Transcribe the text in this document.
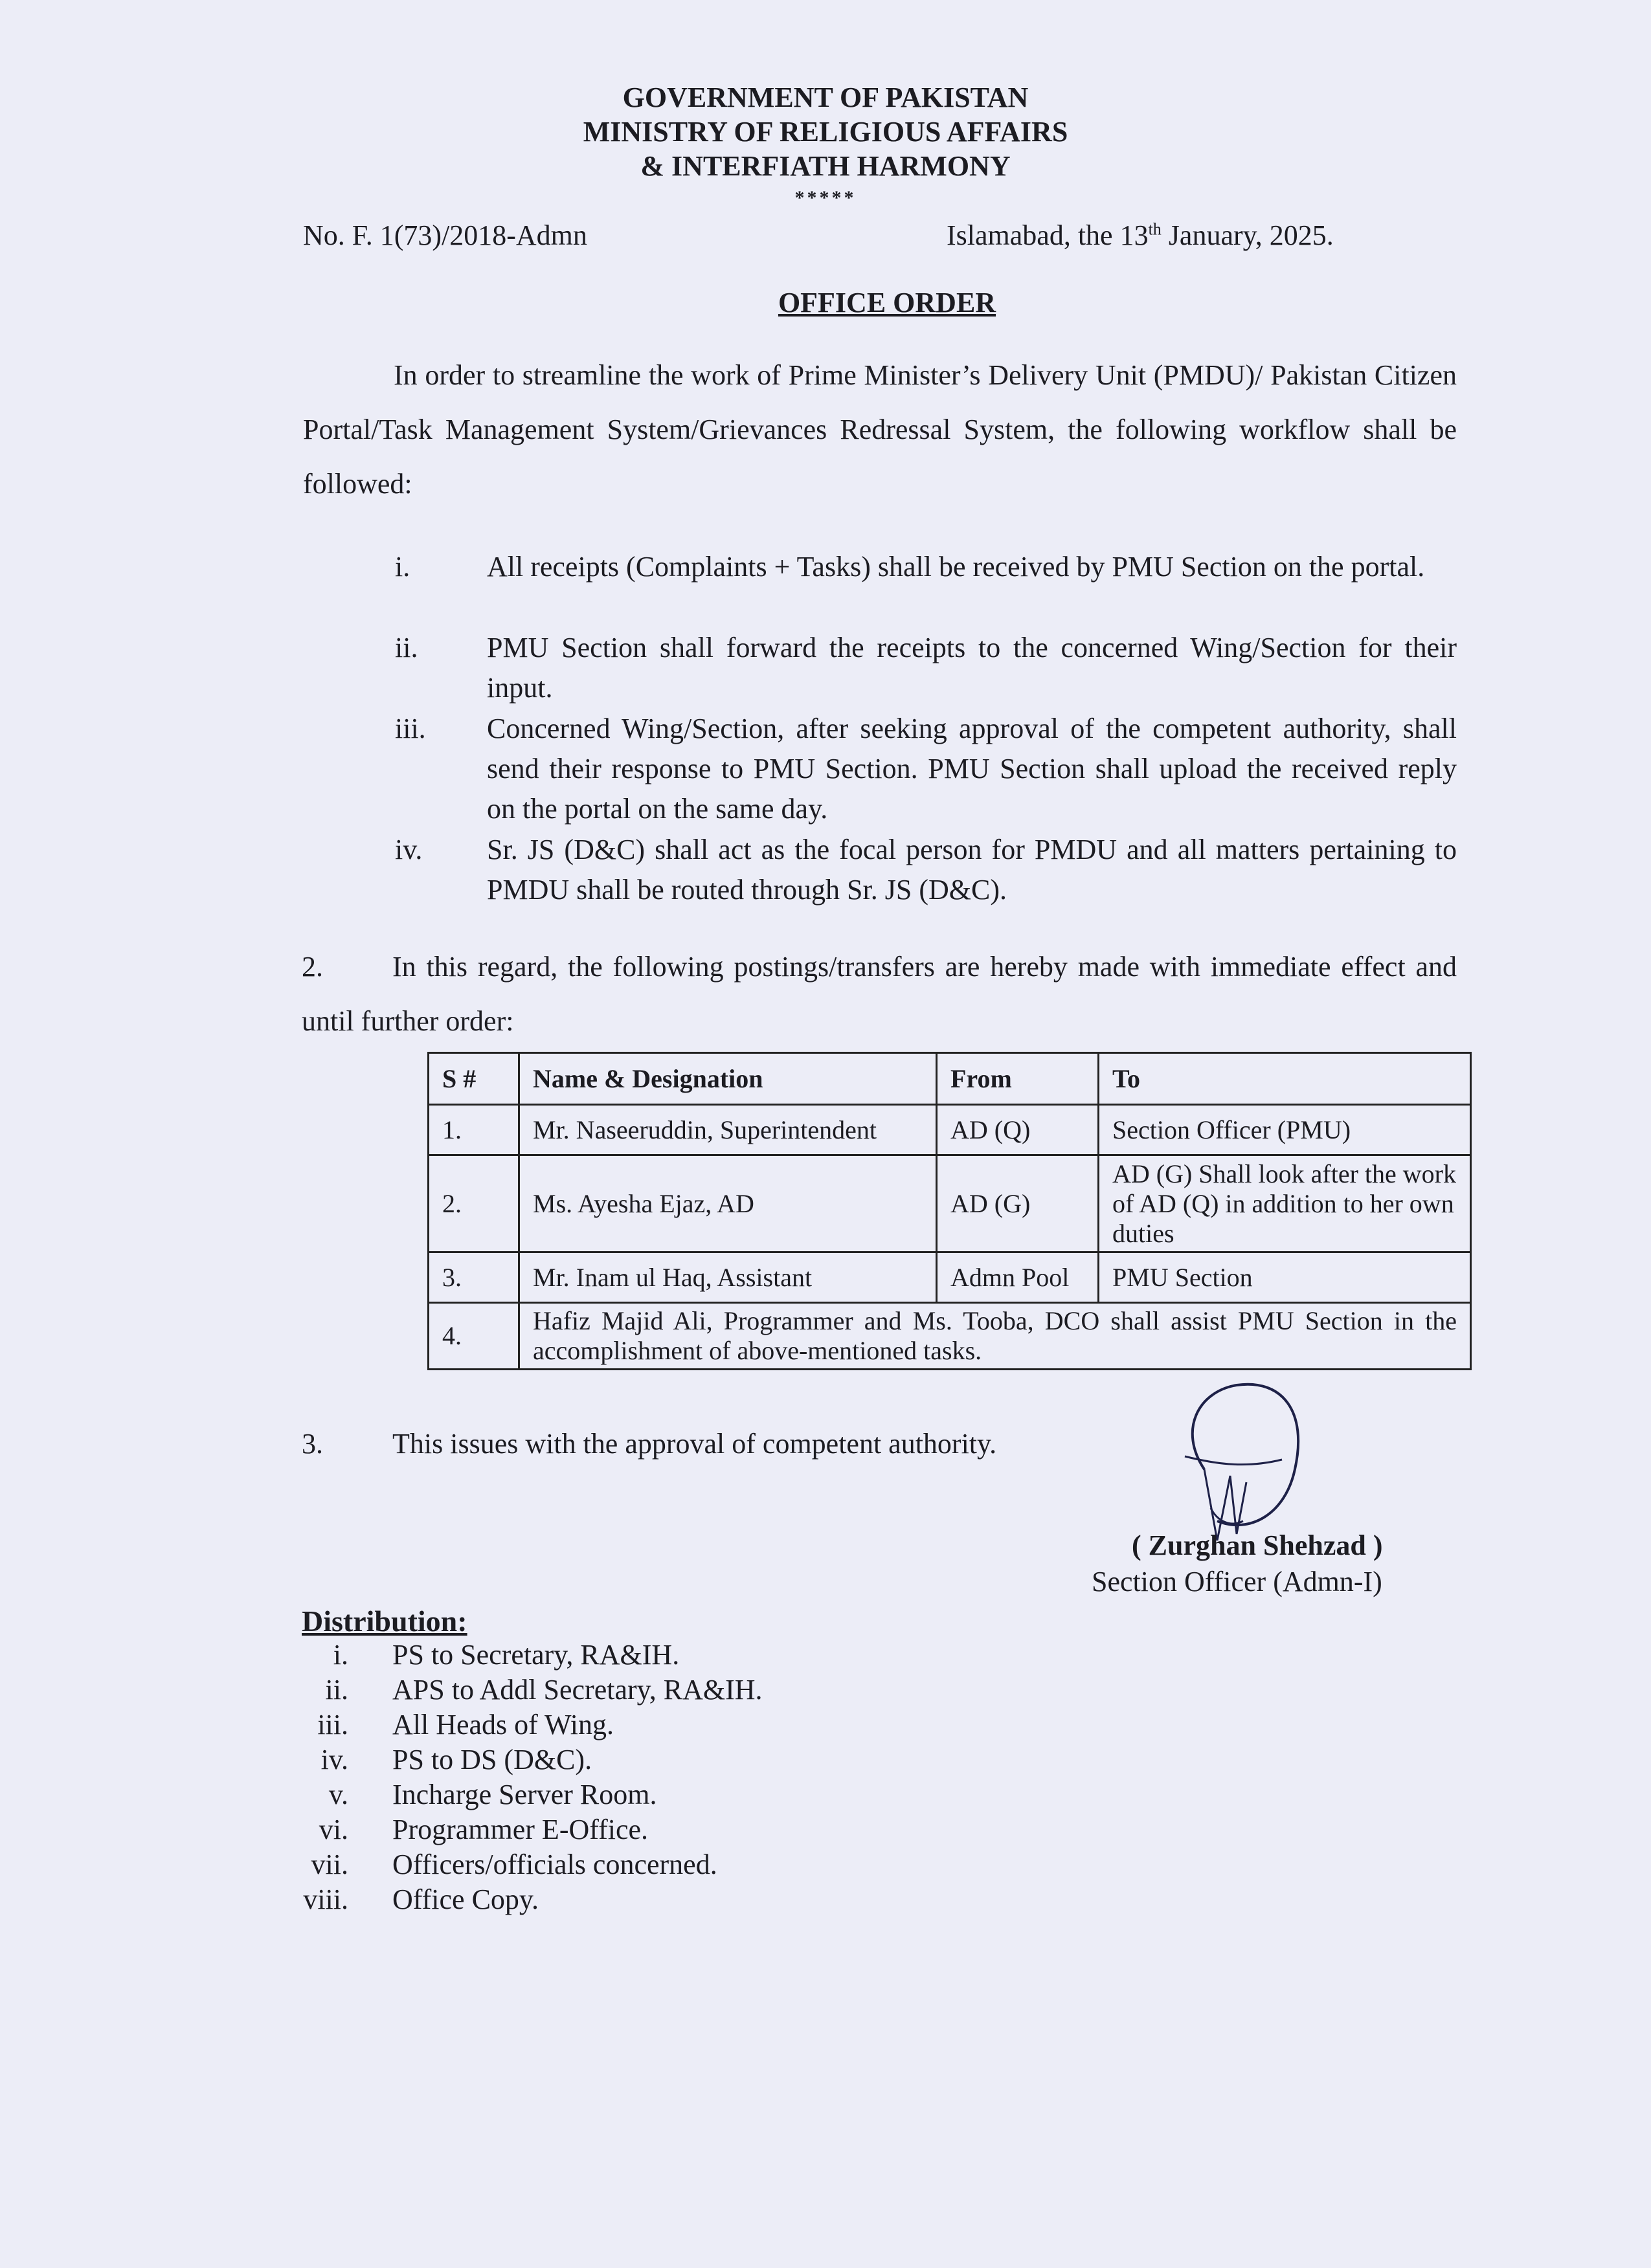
GOVERNMENT OF PAKISTAN
MINISTRY OF RELIGIOUS AFFAIRS
& INTERFIATH HARMONY
*****
No. F. 1(73)/2018-Admn	Islamabad, the 13th January, 2025.
OFFICE ORDER
In order to streamline the work of Prime Minister’s Delivery Unit (PMDU)/ Pakistan Citizen Portal/Task Management System/Grievances Redressal System, the following workflow shall be followed:
i.	All receipts (Complaints + Tasks) shall be received by PMU Section on the portal.
ii. PMU Section shall forward the receipts to the concerned Wing/Section for their input.
iii. Concerned Wing/Section, after seeking approval of the competent authority, shall send their response to PMU Section. PMU Section shall upload the received reply on the portal on the same day.
iv. Sr. JS (D&C) shall act as the focal person for PMDU and all matters pertaining to PMDU shall be routed through Sr. JS (D&C).
2.	In this regard, the following postings/transfers are hereby made with immediate effect and until further order:
S #	Name & Designation	From	To
1.	Mr. Naseeruddin, Superintendent	AD (Q)	Section Officer (PMU)
2.	Ms. Ayesha Ejaz, AD	AD (G)	AD (G) Shall look after the work of AD (Q) in addition to her own duties
3.	Mr. Inam ul Haq, Assistant	Admn Pool	PMU Section
4.	Hafiz Majid Ali, Programmer and Ms. Tooba, DCO shall assist PMU Section in the accomplishment of above-mentioned tasks.		
3. This issues with the approval of competent authority.
( Zurghan Shehzad )
Section Officer (Admn-I)
Distribution:
i. PS to Secretary, RA&IH.
ii. APS to Addl Secretary, RA&IH.
iii. All Heads of Wing.
iv. PS to DS (D&C).
v. Incharge Server Room.
vi. Programmer E-Office.
vii. Officers/officials concerned.
viii. Office Copy.
